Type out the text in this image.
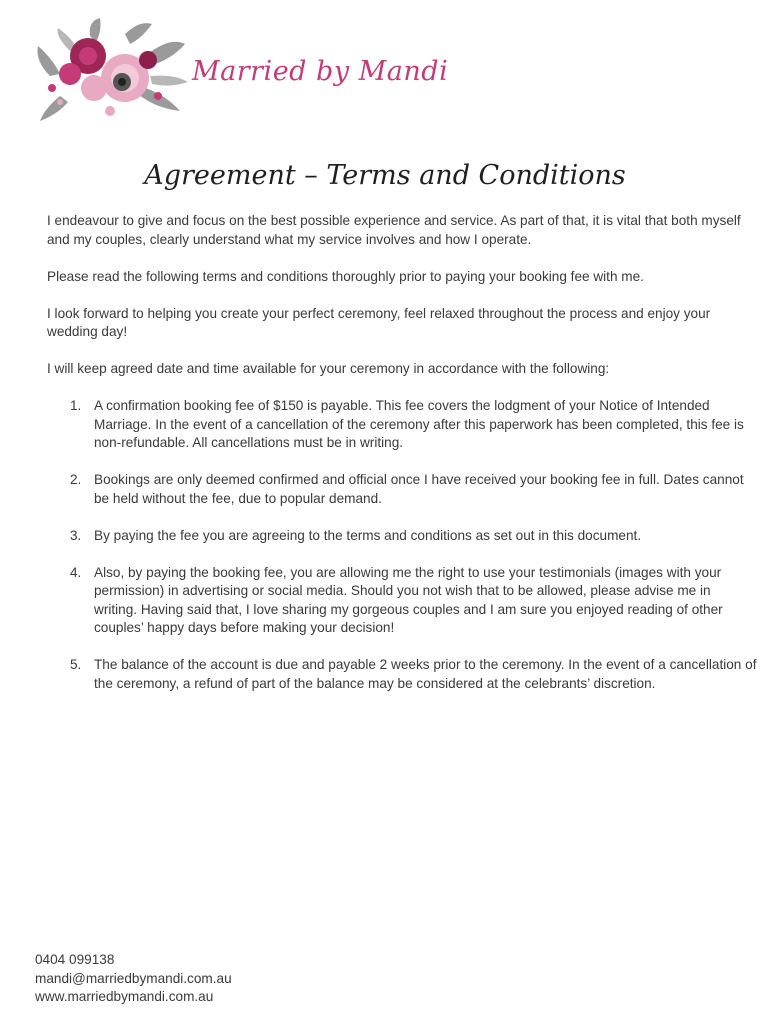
Married by Mandi
Agreement – Terms and Conditions

I endeavour to give and focus on the best possible experience and service. As part of that, it is vital that both myself and my couples, clearly understand what my service involves and how I operate.

Please read the following terms and conditions thoroughly prior to paying your booking fee with me.

I look forward to helping you create your perfect ceremony, feel relaxed throughout the process and enjoy your wedding day!

I will keep agreed date and time available for your ceremony in accordance with the following:

1. A confirmation booking fee of $150 is payable. This fee covers the lodgment of your Notice of Intended Marriage. In the event of a cancellation of the ceremony after this paperwork has been completed, this fee is non-refundable. All cancellations must be in writing.
2. Bookings are only deemed confirmed and official once I have received your booking fee in full. Dates cannot be held without the fee, due to popular demand.
3. By paying the fee you are agreeing to the terms and conditions as set out in this document.
4. Also, by paying the booking fee, you are allowing me the right to use your testimonials (images with your permission) in advertising or social media. Should you not wish that to be allowed, please advise me in writing. Having said that, I love sharing my gorgeous couples and I am sure you enjoyed reading of other couples’ happy days before making your decision!
5. The balance of the account is due and payable 2 weeks prior to the ceremony. In the event of a cancellation of the ceremony, a refund of part of the balance may be considered at the celebrants’ discretion.
0404 099138
mandi@marriedbymandi.com.au
www.marriedbymandi.com.au
